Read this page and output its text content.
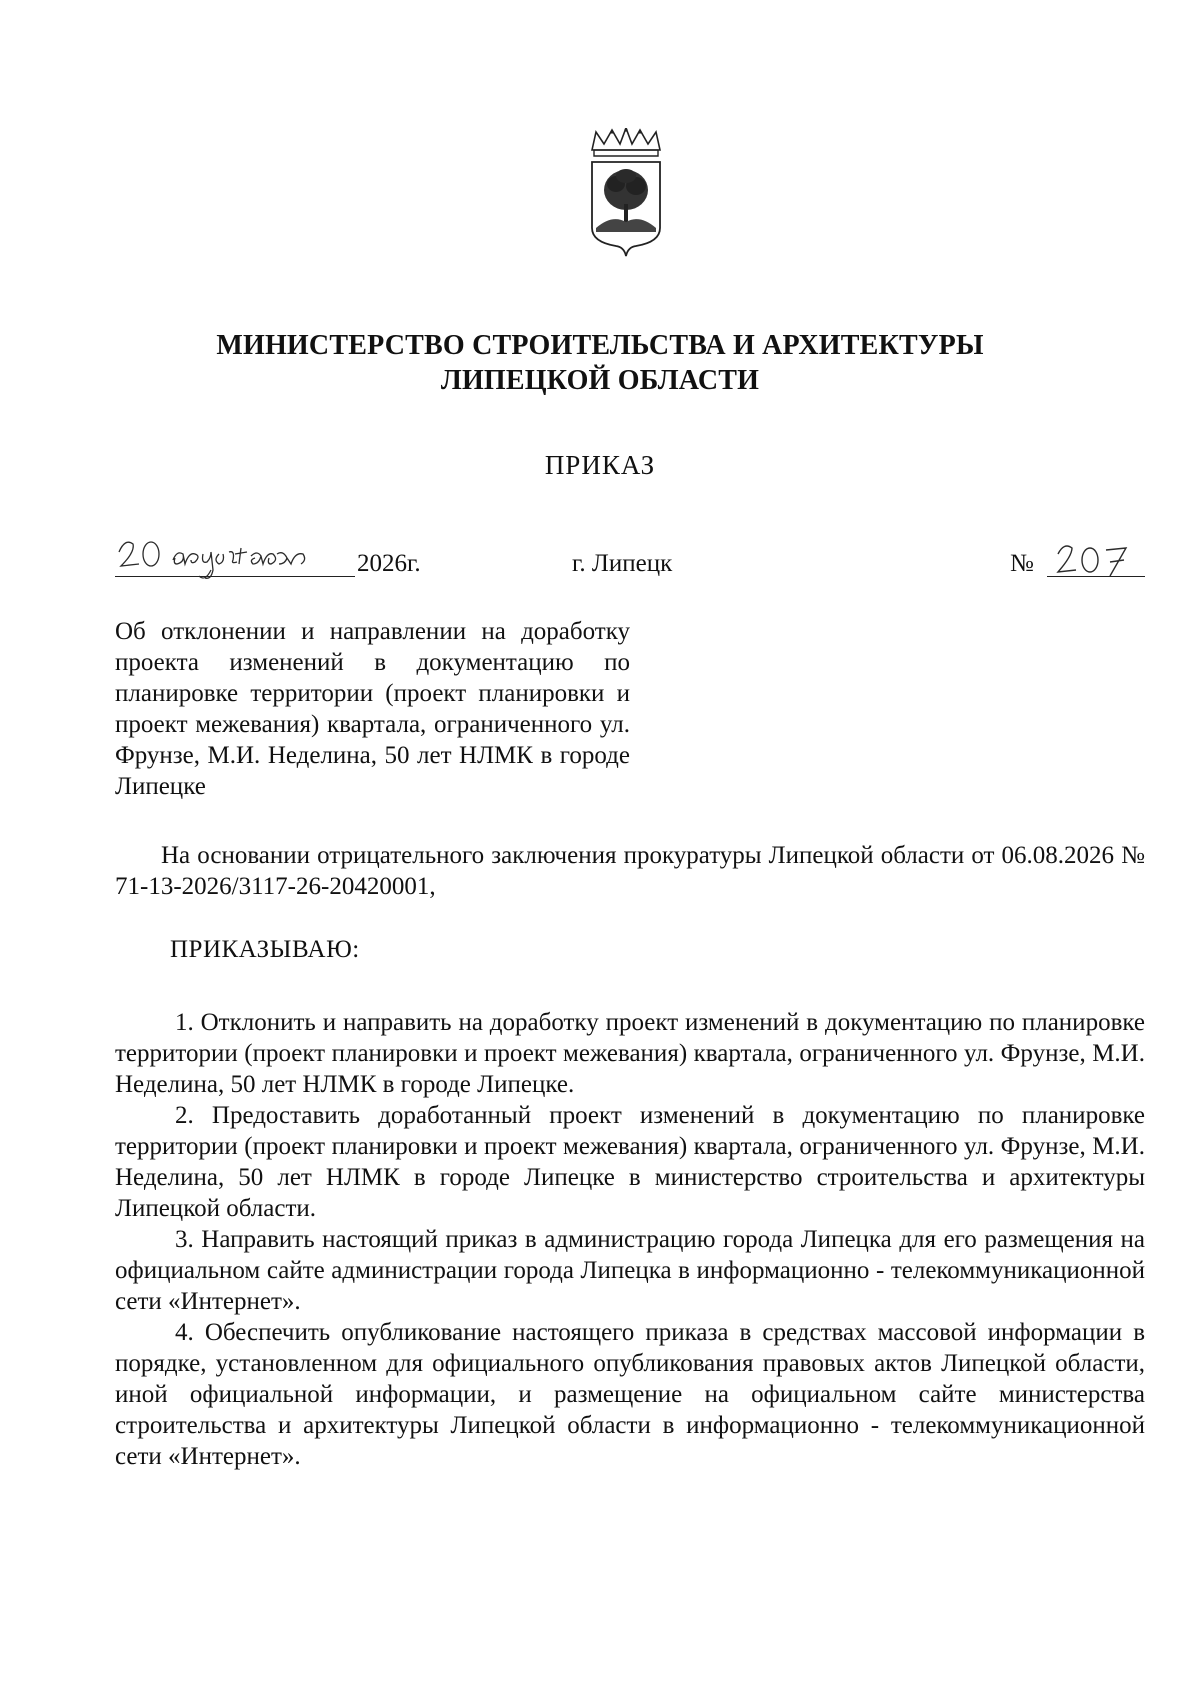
МИНИСТЕРСТВО СТРОИТЕЛЬСТВА И АРХИТЕКТУРЫ
ЛИПЕЦКОЙ ОБЛАСТИ
ПРИКАЗ
2026г.	г. Липецк	№
Об отклонении и направлении на доработку проекта изменений в документацию по планировке территории (проект планировки и проект межевания) квартала, ограниченного ул. Фрунзе, М.И. Неделина, 50 лет НЛМК в городе Липецке

На основании отрицательного заключения прокуратуры Липецкой области от 06.08.2026 № 71-13-2026/3117-26-20420001,

ПРИКАЗЫВАЮ:

1. Отклонить и направить на доработку проект изменений в документацию по планировке территории (проект планировки и проект межевания) квартала, ограниченного ул. Фрунзе, М.И. Неделина, 50 лет НЛМК в городе Липецке.

2. Предоставить доработанный проект изменений в документацию по планировке территории (проект планировки и проект межевания) квартала, ограниченного ул. Фрунзе, М.И. Неделина, 50 лет НЛМК в городе Липецке в министерство строительства и архитектуры Липецкой области.

3. Направить настоящий приказ в администрацию города Липецка для его размещения на официальном сайте администрации города Липецка в информационно - телекоммуникационной сети «Интернет».

4. Обеспечить опубликование настоящего приказа в средствах массовой информации в порядке, установленном для официального опубликования правовых актов Липецкой области, иной официальной информации, и размещение на официальном сайте министерства строительства и архитектуры Липецкой области в информационно - телекоммуникационной сети «Интернет».
